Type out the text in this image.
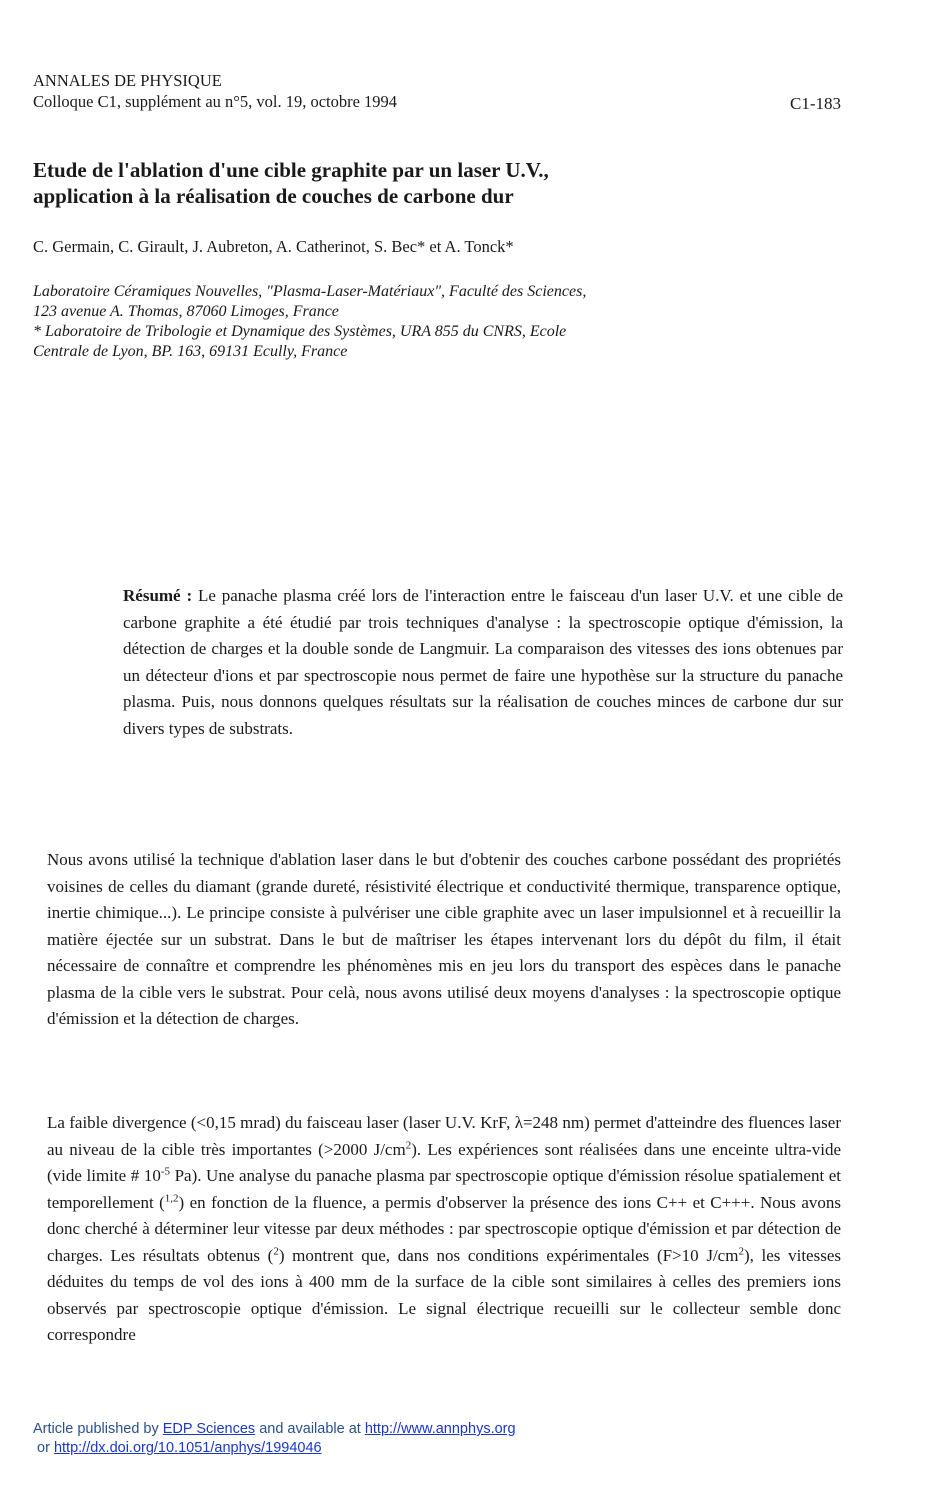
ANNALES DE PHYSIQUE
Colloque C1, supplément au n°5, vol. 19, octobre 1994	C1-183
Etude de l'ablation d'une cible graphite par un laser U.V.,
application à la réalisation de couches de carbone dur
C. Germain, C. Girault, J. Aubreton, A. Catherinot, S. Bec* et A. Tonck*
Laboratoire Céramiques Nouvelles, "Plasma-Laser-Matériaux", Faculté des Sciences,
123 avenue A. Thomas, 87060 Limoges, France
* Laboratoire de Tribologie et Dynamique des Systèmes, URA 855 du CNRS, Ecole
Centrale de Lyon, BP. 163, 69131 Ecully, France
Résumé : Le panache plasma créé lors de l'interaction entre le faisceau d'un laser U.V. et une cible de carbone graphite a été étudié par trois techniques d'analyse : la spectroscopie optique d'émission, la détection de charges et la double sonde de Langmuir. La comparaison des vitesses des ions obtenues par un détecteur d'ions et par spectroscopie nous permet de faire une hypothèse sur la structure du panache plasma. Puis, nous donnons quelques résultats sur la réalisation de couches minces de carbone dur sur divers types de substrats.
Nous avons utilisé la technique d'ablation laser dans le but d'obtenir des couches carbone possédant des propriétés voisines de celles du diamant (grande dureté, résistivité électrique et conductivité thermique, transparence optique, inertie chimique...). Le principe consiste à pulvériser une cible graphite avec un laser impulsionnel et à recueillir la matière éjectée sur un substrat. Dans le but de maîtriser les étapes intervenant lors du dépôt du film, il était nécessaire de connaître et comprendre les phénomènes mis en jeu lors du transport des espèces dans le panache plasma de la cible vers le substrat. Pour celà, nous avons utilisé deux moyens d'analyses : la spectroscopie optique d'émission et la détection de charges.
La faible divergence (<0,15 mrad) du faisceau laser (laser U.V. KrF, λ=248 nm) permet d'atteindre des fluences laser au niveau de la cible très importantes (>2000 $J/cm^2$). Les expériences sont réalisées dans une enceinte ultra-vide (vide limite # $10^{-5}$ Pa). Une analyse du panache plasma par spectroscopie optique d'émission résolue spatialement et temporellement ($^{1,2}$) en fonction de la fluence, a permis d'observer la présence des ions C++ et C+++. Nous avons donc cherché à déterminer leur vitesse par deux méthodes : par spectroscopie optique d'émission et par détection de charges. Les résultats obtenus ($^2$) montrent que, dans nos conditions expérimentales (F>10 $J/cm^2$), les vitesses déduites du temps de vol des ions à 400 mm de la surface de la cible sont similaires à celles des premiers ions observés par spectroscopie optique d'émission. Le signal électrique recueilli sur le collecteur semble donc correspondre
Article published by EDP Sciences and available at http://www.annphys.org
or http://dx.doi.org/10.1051/anphys/1994046
